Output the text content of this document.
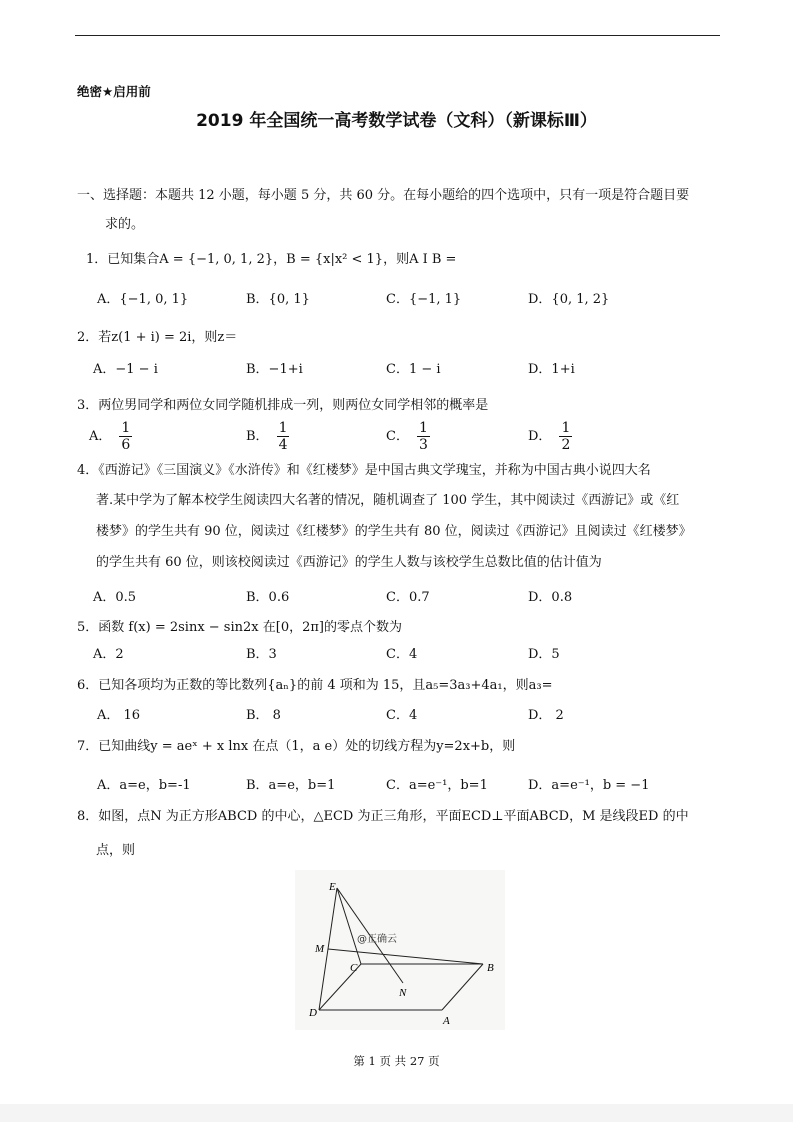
绝密★启用前
2019 年全国统一高考数学试卷（文科）（新课标Ⅲ）
一、选择题：本题共 12 小题，每小题 5 分，共 60 分。在每小题给的四个选项中，只有一项是符合题目要
求的。
1．已知集合A = {−1, 0, 1, 2}，B = {x|x² < 1}，则A I B =
A．{−1, 0, 1}	B．{0, 1}	C．{−1, 1}	D．{0, 1, 2}
2．若z(1 + i) = 2i，则z＝
A．−1 − i	B．−1+i	C．1 − i	D．1+i
3．两位男同学和两位女同学随机排成一列，则两位女同学相邻的概率是
A． $\frac{1}{6}$	B． $\frac{1}{4}$	C． $\frac{1}{3}$	D． $\frac{1}{2}$
4．《西游记》《三国演义》《水浒传》和《红楼梦》是中国古典文学瑰宝，并称为中国古典小说四大名
著.某中学为了解本校学生阅读四大名著的情况，随机调查了 100 学生，其中阅读过《西游记》或《红
楼梦》的学生共有 90 位，阅读过《红楼梦》的学生共有 80 位，阅读过《西游记》且阅读过《红楼梦》
的学生共有 60 位，则该校阅读过《西游记》的学生人数与该校学生总数比值的估计值为
A．0.5	B．0.6	C．0.7	D．0.8
5．函数 f(x) = 2sinx − sin2x 在[0，2π]的零点个数为
A．2	B．3	C．4	D．5
6．已知各项均为正数的等比数列{aₙ}的前 4 项和为 15，且a₅=3a₃+4a₁，则a₃=
A． 16	B． 8	C．4	D． 2
7．已知曲线y = aeˣ + x lnx 在点（1，a e）处的切线方程为y=2x+b，则
A．a=e，b=-1	B．a=e，b=1	C．a=e⁻¹，b=1	D．a=e⁻¹，b = −1
8．如图，点N 为正方形ABCD 的中心，△ECD 为正三角形，平面ECD⊥平面ABCD，M 是线段ED 的中
点，则
E
M
C
N
B
D
A
@正确云
第 1 页 共 27 页
